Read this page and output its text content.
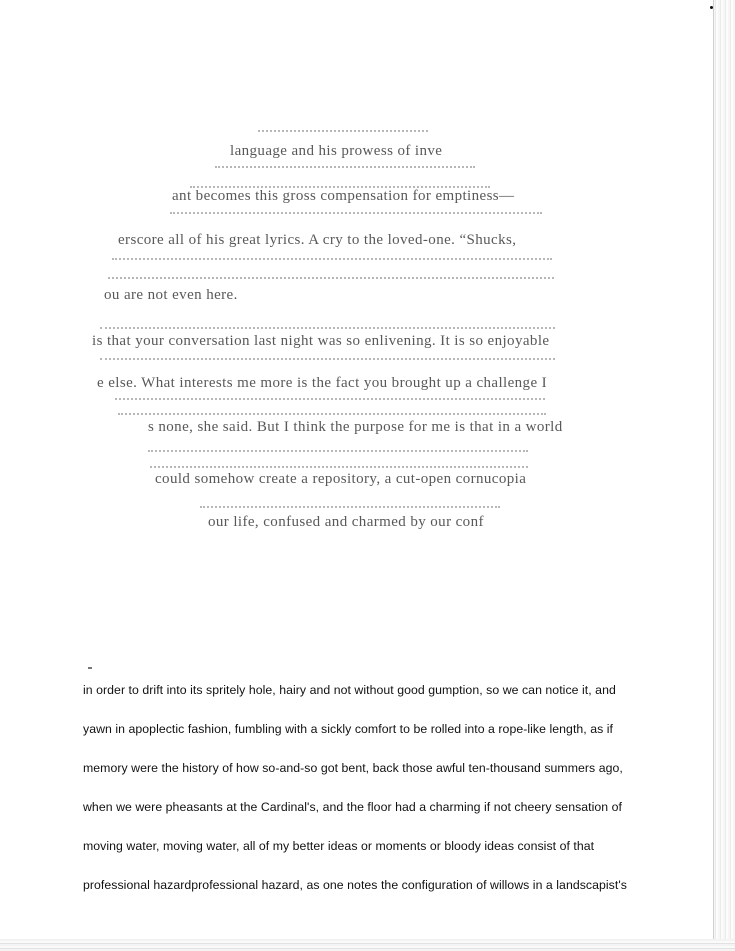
language and his prowess of inve
ant becomes this gross compensation for emptiness—
erscore all of his great lyrics. A cry to the loved-one. “Shucks,
ou are not even here.
is that your conversation last night was so enlivening. It is so enjoyable
e else. What interests me more is the fact you brought up a challenge I
s none, she said. But I think the purpose for me is that in a world
could somehow create a repository, a cut-open cornucopia
our life, confused and charmed by our conf
in order to drift into its spritely hole, hairy and not without good gumption, so we can notice it, and
yawn in apoplectic fashion, fumbling with a sickly comfort to be rolled into a rope-like length, as if
memory were the history of how so-and-so got bent, back those awful ten-thousand summers ago,
when we were pheasants at the Cardinal's, and the floor had a charming if not cheery sensation of
moving water, moving water, all of my better ideas or moments or bloody ideas consist of that
professional hazardprofessional hazard, as one notes the configuration of willows in a landscapist's
